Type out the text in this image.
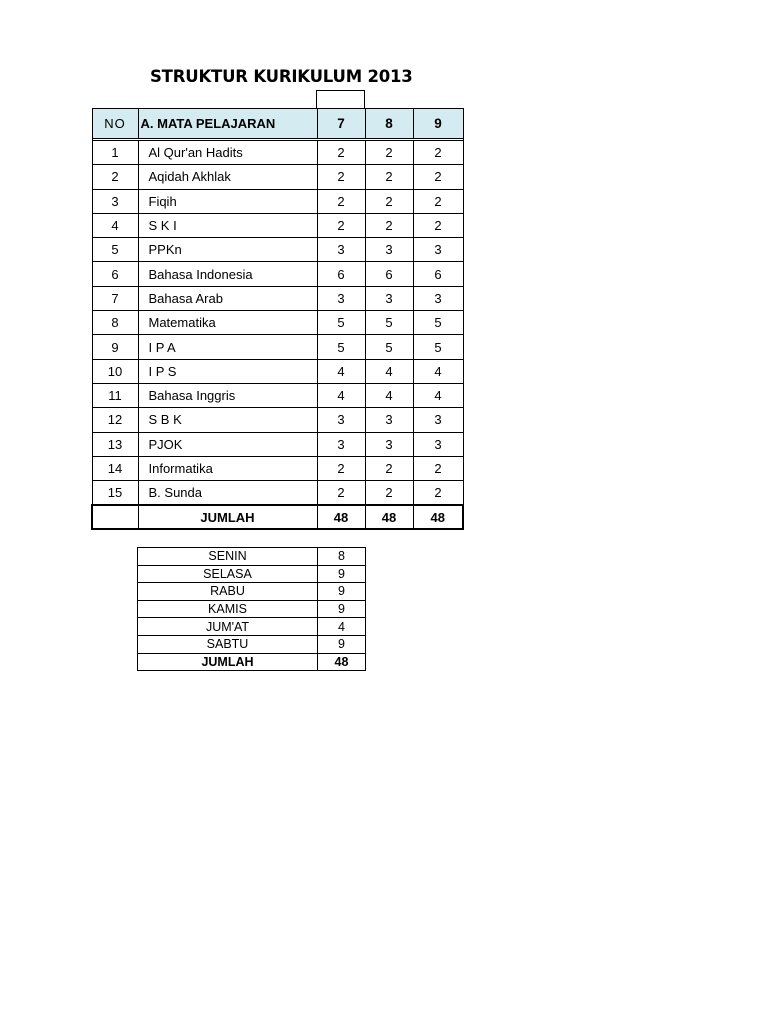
STRUKTUR KURIKULUM 2013
NO	A. MATA PELAJARAN	7	8	9

1	Al Qur'an Hadits	2	2	2
2	Aqidah Akhlak	2	2	2
3	Fiqih	2	2	2
4	S K I	2	2	2
5	PPKn	3	3	3
6	Bahasa Indonesia	6	6	6
7	Bahasa Arab	3	3	3
8	Matematika	5	5	5
9	I P A	5	5	5
10	I P S	4	4	4
11	Bahasa Inggris	4	4	4
12	S B K	3	3	3
13	PJOK	3	3	3
14	Informatika	2	2	2
15	B. Sunda	2	2	2
	JUMLAH	48	48	48
SENIN	8
SELASA	9
RABU	9
KAMIS	9
JUM'AT	4
SABTU	9
JUMLAH	48
